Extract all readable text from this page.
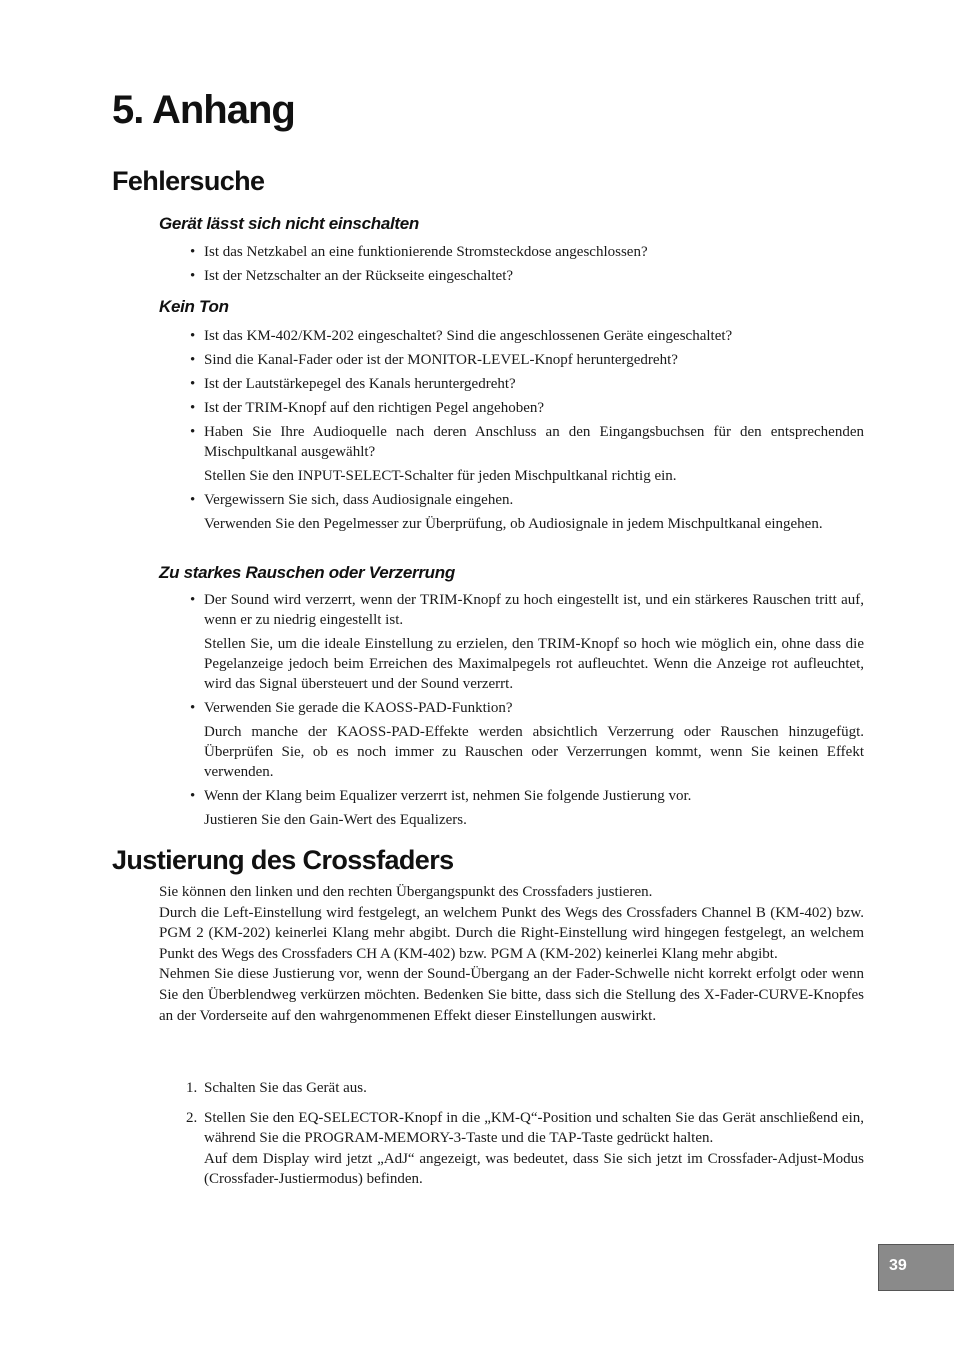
5. Anhang
Fehlersuche
Gerät lässt sich nicht einschalten
• Ist das Netzkabel an eine funktionierende Stromsteckdose angeschlossen?
• Ist der Netzschalter an der Rückseite eingeschaltet?
Kein Ton
• Ist das KM-402/KM-202 eingeschaltet? Sind die angeschlossenen Geräte eingeschaltet?
• Sind die Kanal-Fader oder ist der MONITOR-LEVEL-Knopf heruntergedreht?
• Ist der Lautstärkepegel des Kanals heruntergedreht?
• Ist der TRIM-Knopf auf den richtigen Pegel angehoben?
• Haben Sie Ihre Audioquelle nach deren Anschluss an den Eingangsbuchsen für den entsprechenden Mischpultkanal ausgewählt?

Stellen Sie den INPUT-SELECT-Schalter für jeden Mischpultkanal richtig ein.

• Vergewissern Sie sich, dass Audiosignale eingehen.

Verwenden Sie den Pegelmesser zur Überprüfung, ob Audiosignale in jedem Mischpultkanal eingehen.

Zu starkes Rauschen oder Verzerrung
• Der Sound wird verzerrt, wenn der TRIM-Knopf zu hoch eingestellt ist, und ein stärkeres Rauschen tritt auf, wenn er zu niedrig eingestellt ist.

Stellen Sie, um die ideale Einstellung zu erzielen, den TRIM-Knopf so hoch wie möglich ein, ohne dass die Pegelanzeige jedoch beim Erreichen des Maximalpegels rot aufleuchtet. Wenn die Anzeige rot aufleuchtet, wird das Signal übersteuert und der Sound verzerrt.

• Verwenden Sie gerade die KAOSS-PAD-Funktion?

Durch manche der KAOSS-PAD-Effekte werden absichtlich Verzerrung oder Rauschen hinzugefügt. Überprüfen Sie, ob es noch immer zu Rauschen oder Verzerrungen kommt, wenn Sie keinen Effekt verwenden.

• Wenn der Klang beim Equalizer verzerrt ist, nehmen Sie folgende Justierung vor.

Justieren Sie den Gain-Wert des Equalizers.

Justierung des Crossfaders

Sie können den linken und den rechten Übergangspunkt des Crossfaders justieren.

Durch die Left-Einstellung wird festgelegt, an welchem Punkt des Wegs des Crossfaders Channel B (KM-402) bzw. PGM 2 (KM-202) keinerlei Klang mehr abgibt. Durch die Right-Einstellung wird hingegen festgelegt, an welchem Punkt des Wegs des Crossfaders CH A (KM-402) bzw. PGM A (KM-202) keinerlei Klang mehr abgibt.

Nehmen Sie diese Justierung vor, wenn der Sound-Übergang an der Fader-Schwelle nicht korrekt erfolgt oder wenn Sie den Überblendweg verkürzen möchten. Bedenken Sie bitte, dass sich die Stellung des X-Fader-CURVE-Knopfes an der Vorderseite auf den wahrgenommenen Effekt dieser Einstellungen auswirkt.

1. Schalten Sie das Gerät aus.

2. Stellen Sie den EQ-SELECTOR-Knopf in die „KM-Q“-Position und schalten Sie das Gerät anschließend ein, während Sie die PROGRAM-MEMORY-3-Taste und die TAP-Taste gedrückt halten.

Auf dem Display wird jetzt „AdJ“ angezeigt, was bedeutet, dass Sie sich jetzt im Crossfader-Adjust-Modus (Crossfader-Justiermodus) befinden.

39
